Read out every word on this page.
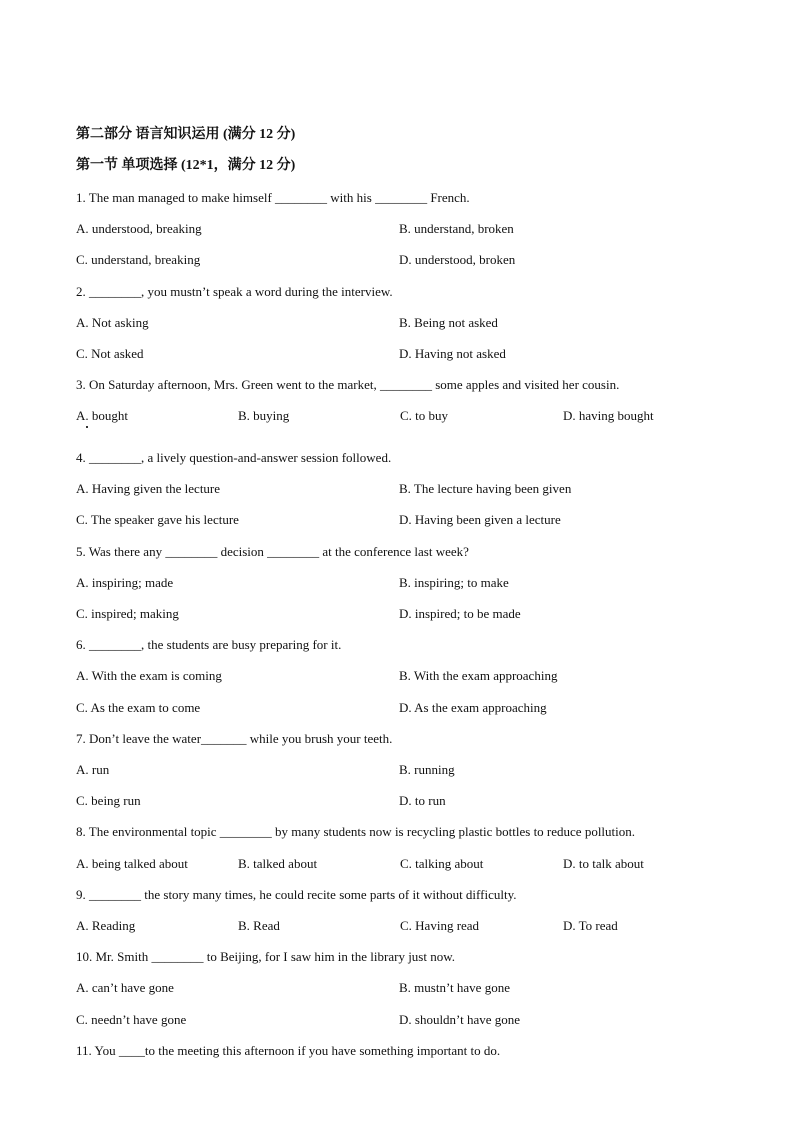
第二部分 语言知识运用 (满分 12 分)
第一节 单项选择 (12*1，满分 12 分)
1. The man managed to make himself ________ with his ________ French.
A. understood, breaking	B. understand, broken
C. understand, breaking	D. understood, broken
2. ________, you mustn’t speak a word during the interview.
A. Not asking	B. Being not asked
C. Not asked	D. Having not asked
3. On Saturday afternoon, Mrs. Green went to the market, ________ some apples and visited her cousin.
A. bought	B. buying	C. to buy	D. having bought
4. ________, a lively question-and-answer session followed.
A. Having given the lecture	B. The lecture having been given
C. The speaker gave his lecture	D. Having been given a lecture
5. Was there any ________ decision ________ at the conference last week?
A. inspiring; made	B. inspiring; to make
C. inspired; making	D. inspired; to be made
6. ________, the students are busy preparing for it.
A. With the exam is coming	B. With the exam approaching
C. As the exam to come	D. As the exam approaching
7. Don’t leave the water_______ while you brush your teeth.
A. run	B. running
C. being run	D. to run
8. The environmental topic ________ by many students now is recycling plastic bottles to reduce pollution.
A. being talked about	B. talked about	C. talking about	D. to talk about
9. ________ the story many times, he could recite some parts of it without difficulty.
A. Reading	B. Read	C. Having read	D. To read
10. Mr. Smith ________ to Beijing, for I saw him in the library just now.
A. can’t have gone	B. mustn’t have gone
C. needn’t have gone	D. shouldn’t have gone
11. You ____to the meeting this afternoon if you have something important to do.
